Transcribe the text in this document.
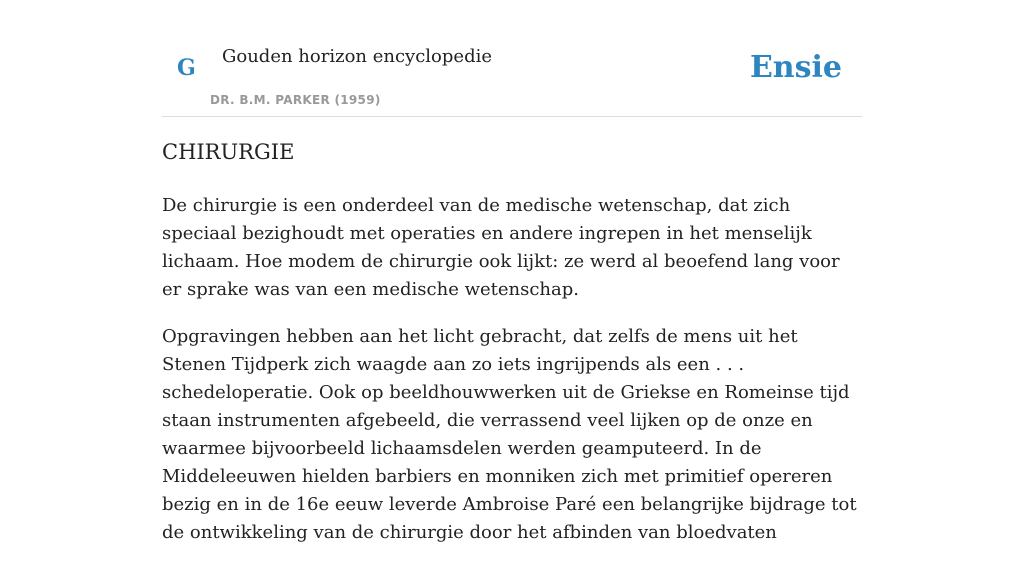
G Gouden horizon encyclopedie
DR. B.M. PARKER (1959)
Ensie
CHIRURGIE

De chirurgie is een onderdeel van de medische wetenschap, dat zich speciaal bezighoudt met operaties en andere ingrepen in het menselijk lichaam. Hoe modem de chirurgie ook lijkt: ze werd al beoefend lang voor er sprake was van een medische wetenschap.

Opgravingen hebben aan het licht gebracht, dat zelfs de mens uit het Stenen Tijdperk zich waagde aan zo iets ingrijpends als een . . . schedeloperatie. Ook op beeldhouwwerken uit de Griekse en Romeinse tijd staan instrumenten afgebeeld, die verrassend veel lijken op de onze en waarmee bijvoorbeeld lichaamsdelen werden geamputeerd. In de Middeleeuwen hielden barbiers en monniken zich met primitief opereren bezig en in de 16e eeuw leverde Ambroise Paré een belangrijke bijdrage tot de ontwikkeling van de chirurgie door het afbinden van bloedvaten
